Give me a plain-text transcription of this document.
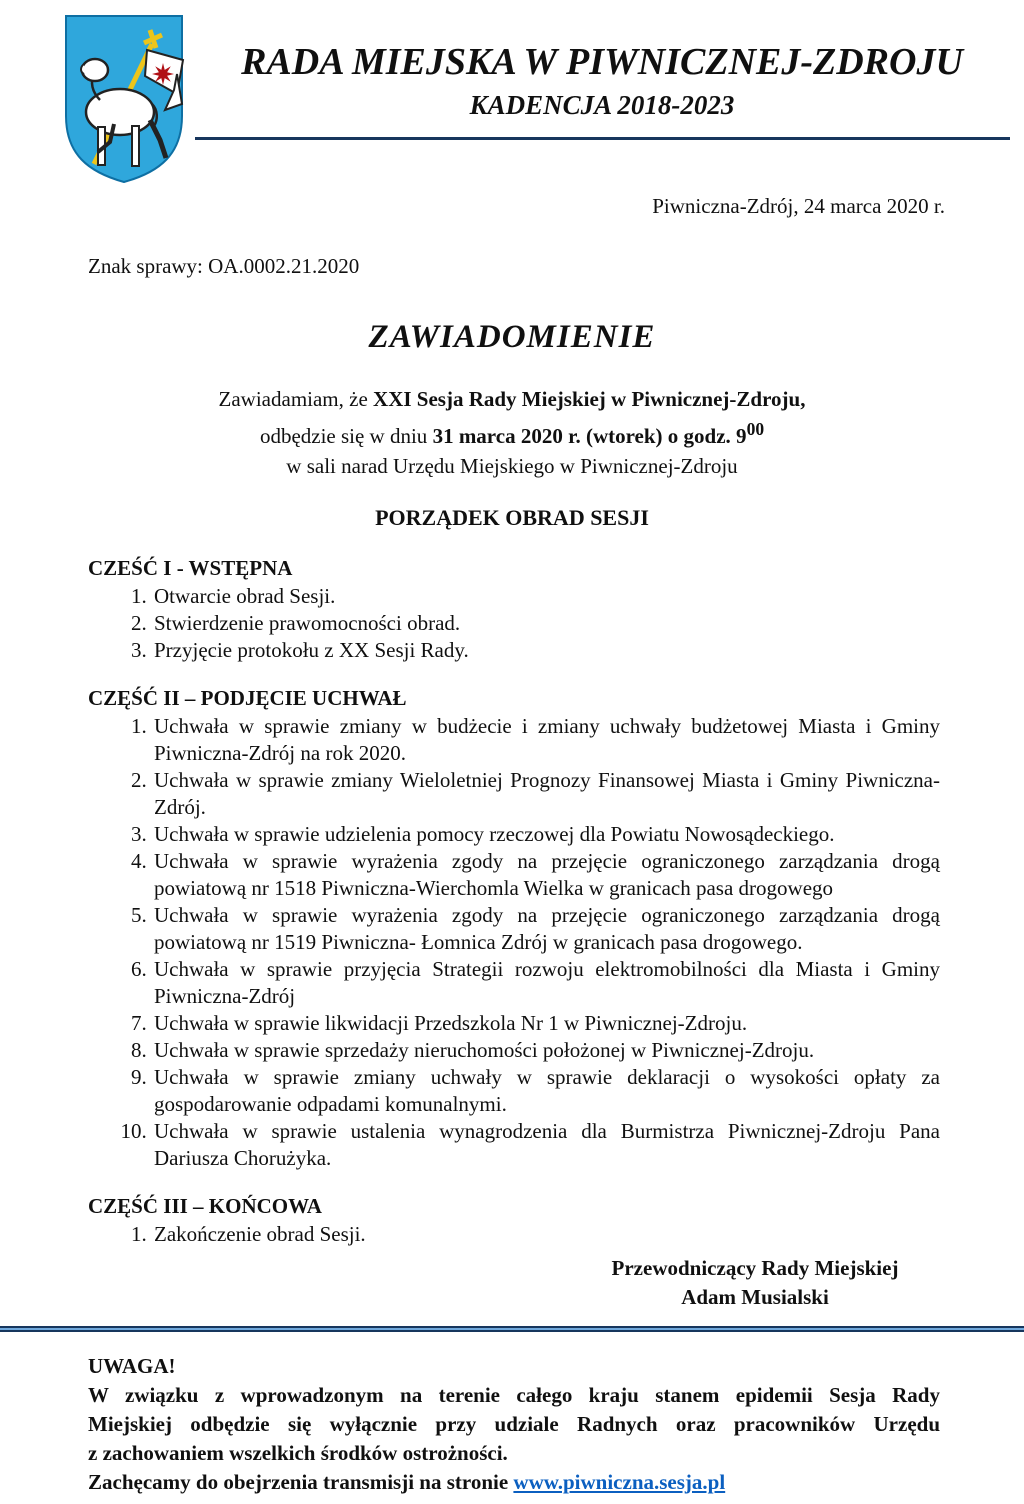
RADA MIEJSKA W PIWNICZNEJ-ZDROJU
KADENCJA 2018-2023
Piwniczna-Zdrój, 24 marca 2020 r.
Znak sprawy: OA.0002.21.2020
ZAWIADOMIENIE
Zawiadamiam, że XXI Sesja Rady Miejskiej w Piwnicznej-Zdroju,
odbędzie się w dniu 31 marca 2020 r. (wtorek) o godz. $9^{00}$
w sali narad Urzędu Miejskiego w Piwnicznej-Zdroju
PORZĄDEK OBRAD SESJI
CZEŚĆ I - WSTĘPNA
1. Otwarcie obrad Sesji.
2. Stwierdzenie prawomocności obrad.
3. Przyjęcie protokołu z XX Sesji Rady.
CZĘŚĆ II – PODJĘCIE UCHWAŁ
1. Uchwała w sprawie zmiany w budżecie i zmiany uchwały budżetowej Miasta i Gminy Piwniczna-Zdrój na rok 2020.
2. Uchwała w sprawie zmiany Wieloletniej Prognozy Finansowej Miasta i Gminy Piwniczna-Zdrój.
3. Uchwała w sprawie udzielenia pomocy rzeczowej dla Powiatu Nowosądeckiego.
4. Uchwała w sprawie wyrażenia zgody na przejęcie ograniczonego zarządzania drogą powiatową nr 1518 Piwniczna-Wierchomla Wielka w granicach pasa drogowego
5. Uchwała w sprawie wyrażenia zgody na przejęcie ograniczonego zarządzania drogą powiatową nr 1519 Piwniczna- Łomnica Zdrój w granicach pasa drogowego.
6. Uchwała w sprawie przyjęcia Strategii rozwoju elektromobilności dla Miasta i Gminy Piwniczna-Zdrój
7. Uchwała w sprawie likwidacji Przedszkola Nr 1 w Piwnicznej-Zdroju.
8. Uchwała w sprawie sprzedaży nieruchomości położonej w Piwnicznej-Zdroju.
9. Uchwała w sprawie zmiany uchwały w sprawie deklaracji o wysokości opłaty za gospodarowanie odpadami komunalnymi.
10. Uchwała w sprawie ustalenia wynagrodzenia dla Burmistrza Piwnicznej-Zdroju Pana Dariusza Chorużyka.
CZĘŚĆ III – KOŃCOWA
1. Zakończenie obrad Sesji.
Przewodniczący Rady Miejskiej
Adam Musialski
UWAGA!
W związku z wprowadzonym na terenie całego kraju stanem epidemii Sesja Rady
Miejskiej odbędzie się wyłącznie przy udziale Radnych oraz pracowników Urzędu
z zachowaniem wszelkich środków ostrożności.
Zachęcamy do obejrzenia transmisji na stronie www.piwniczna.sesja.pl
